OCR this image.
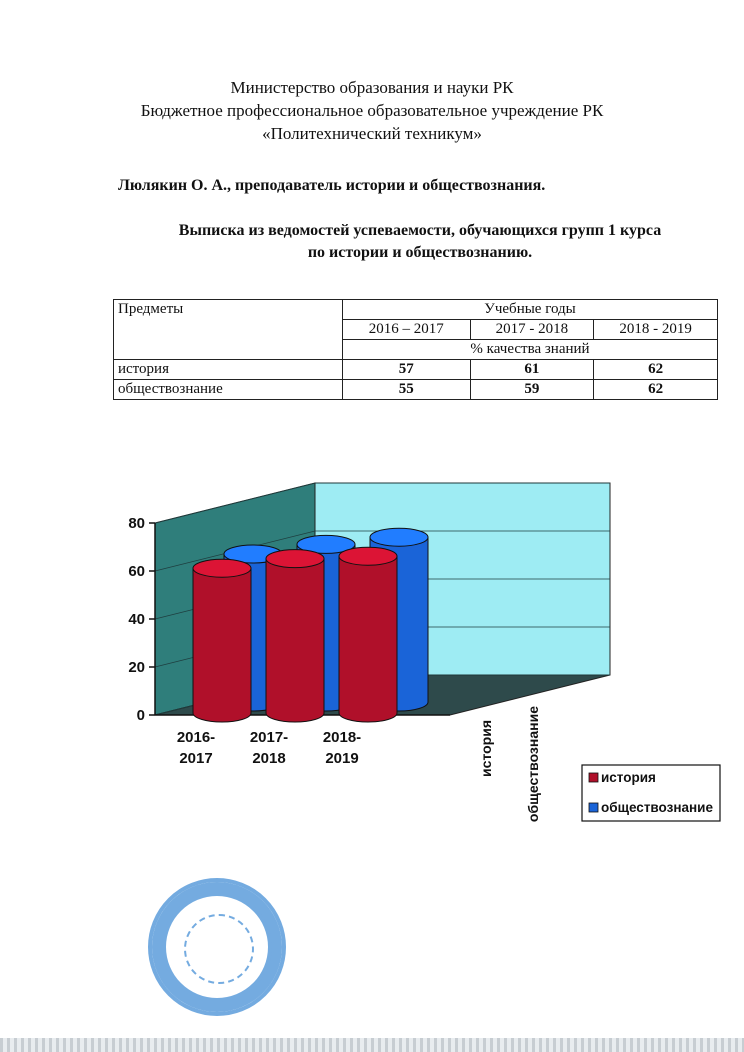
Министерство образования и науки РК
Бюджетное профессиональное образовательное учреждение РК
«Политехнический техникум»
Люлякин О. А., преподаватель истории и обществознания.
Выписка из ведомостей успеваемости, обучающихся групп 1 курса
по истории и обществознанию.
Предметы	Учебные годы		
	2016 – 2017	2017 - 2018	2018 - 2019
	% качества знаний		
история	57	61	62
обществознание	55	59	62
0
20
40
60
80
2016-
2017
2017-
2018
2018-
2019	история обществознание	история
обществознание
